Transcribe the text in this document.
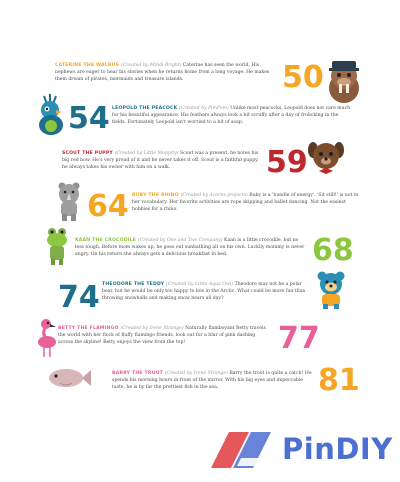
CATERINE THE WALRUS (Created by Mindi Bright) Caterine has seen the world. His nephews are eager to hear his stories when he returns home from a long voyage. He makes them dream of pirates, mermaids and treasure islands.	50
54 LEOPOLD THE PEACOCK (Created by PimPom) Unlike most peacocks, Leopold does not care much for his beautiful appearance. His feathers always look a bit scruffy after a day of frolicking in the fields. Fortunately Leopold isn't worried to a bit of soap.
SCOUT THE PUPPY (Created by Little Moppity) Scout was a present, he notes his big red bow. He's very proud of it and he never takes it off. Scout is a faithful puppy, he always takes his owner with him on a walk.	59
64 RUBY THE RHINO (Created by Acorns projects) Ruby is a 'bundle of energy'. 'Sit still!' is not in her vocabulary. Her favorite activities are rope skipping and ballet dancing. Not the easiest hobbies for a rhino.
KAAN THE CROCODILE (Created by One and Two Company) Kaan is a little crocodile, but no less tough. Before mom wakes up, he goes out sunbathing all on his own. Luckily mommy is never angry. On his return she always gets a delicious breakfast in bed.	68
74 THEODORE THE TEDDY (Created by Little Aqua Owl) Theodore may not be a polar bear, but he would be only too happy to live in the Arctic. What could be more fun than throwing snowballs and making snow bears all day?
BETTY THE FLAMINGO (Created by Irene Strange) Naturally flamboyant Betty travels the world with her flock of fluffy flamingo friends, look out for a blur of pink dashing across the skyline! Betty enjoys the view from the top!	77
BARRY THE TROUT (Created by Irene Strange) Barry the trout is quite a catch! He spends his morning hours in front of the mirror. With his big eyes and impeccable taste, he is by far the prettiest fish in the sea.	81
PinDIY
